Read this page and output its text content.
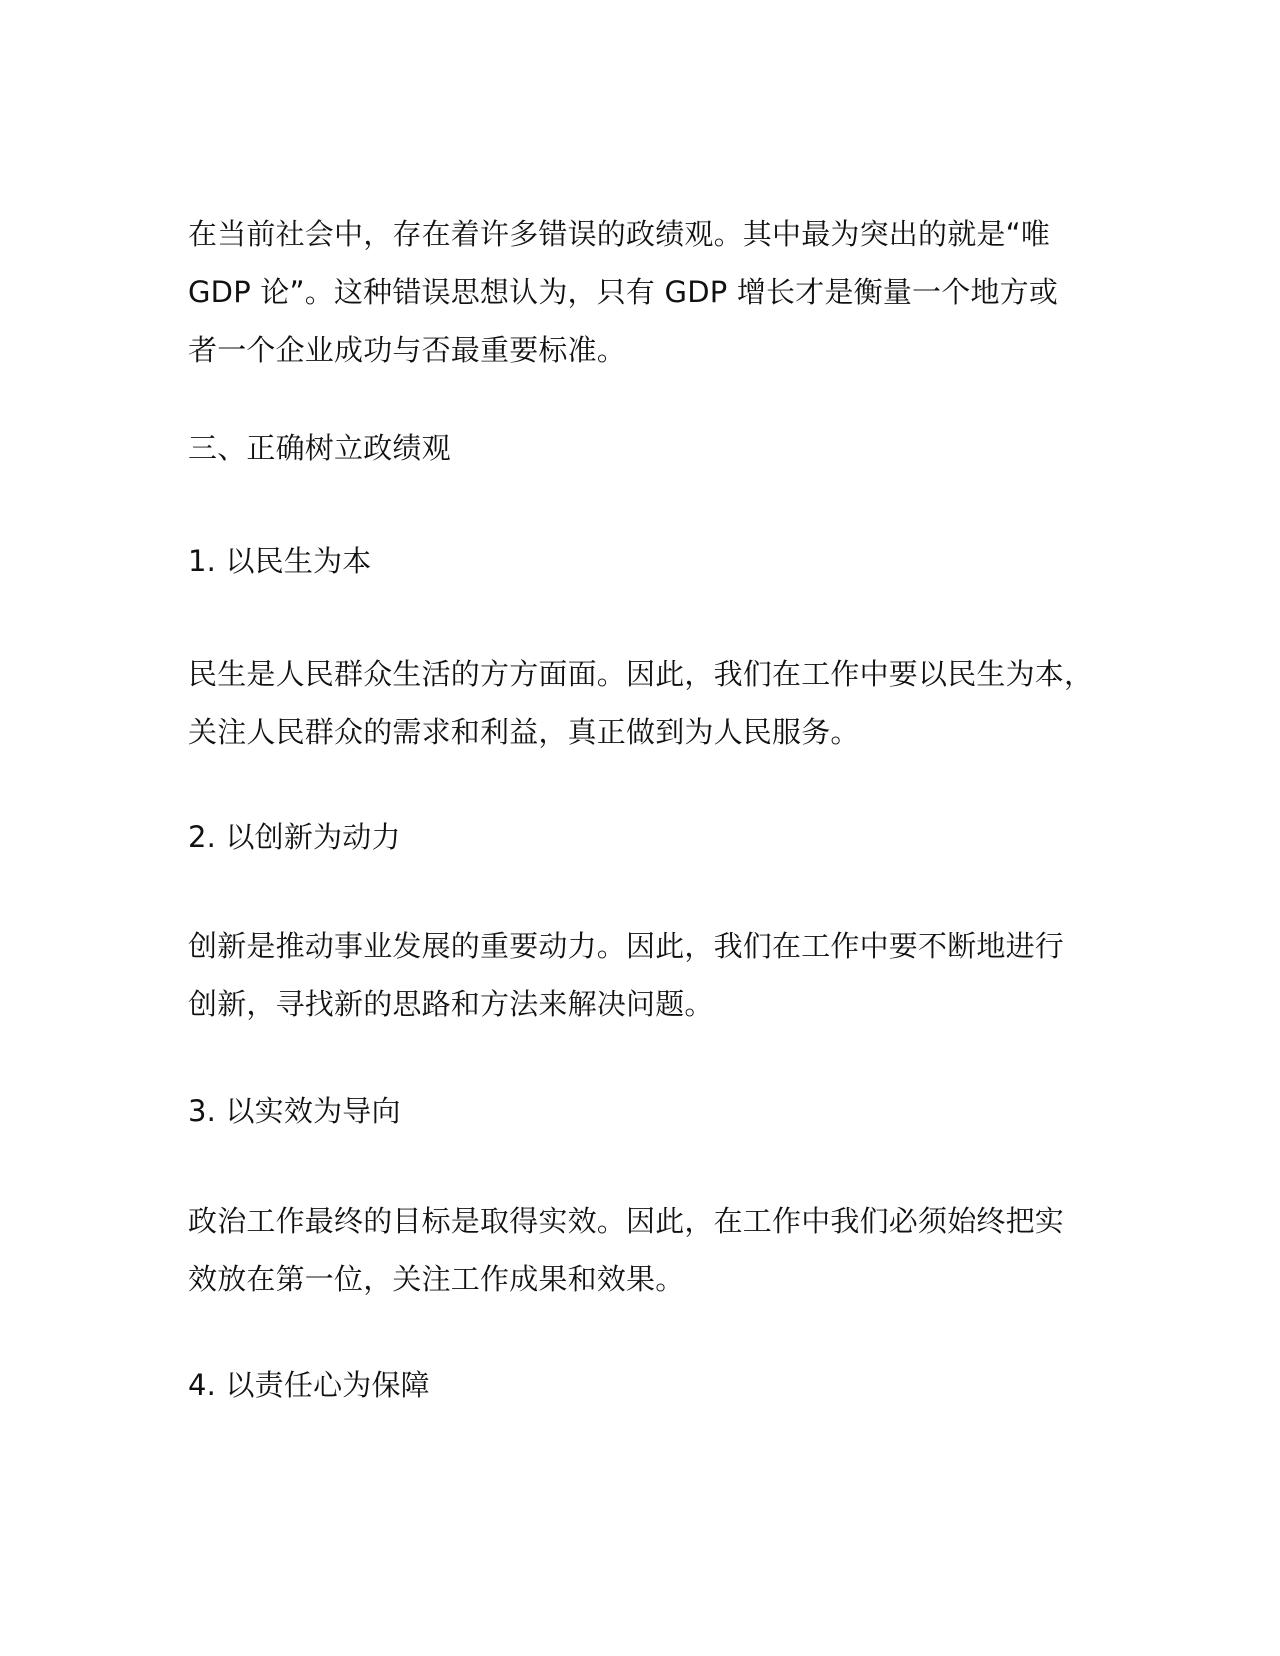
在当前社会中，存在着许多错误的政绩观。其中最为突出的就是“唯
GDP 论”。这种错误思想认为，只有 GDP 增长才是衡量一个地方或
者一个企业成功与否最重要标准。
三、正确树立政绩观
1. 以民生为本
民生是人民群众生活的方方面面。因此，我们在工作中要以民生为本，
关注人民群众的需求和利益，真正做到为人民服务。
2. 以创新为动力
创新是推动事业发展的重要动力。因此，我们在工作中要不断地进行
创新，寻找新的思路和方法来解决问题。
3. 以实效为导向
政治工作最终的目标是取得实效。因此，在工作中我们必须始终把实
效放在第一位，关注工作成果和效果。
4. 以责任心为保障
